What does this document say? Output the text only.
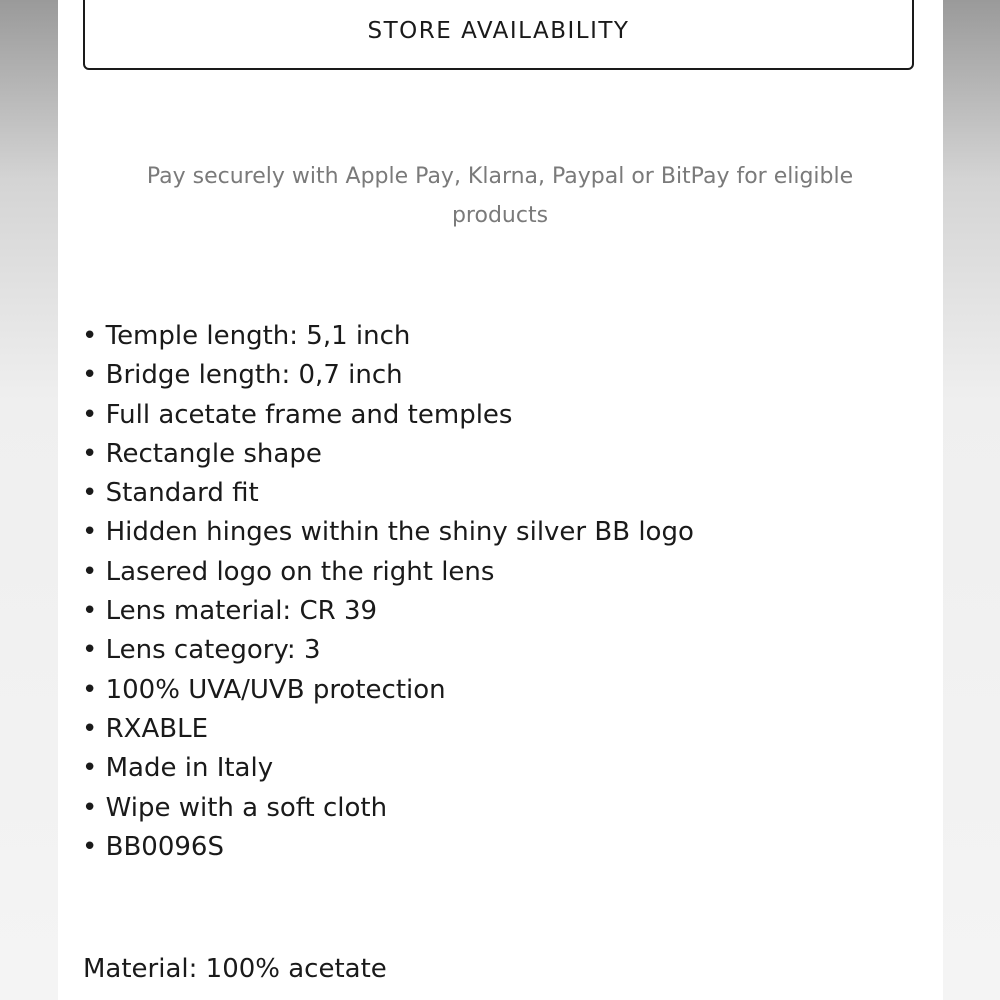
STORE AVAILABILITY

Pay securely with Apple Pay, Klarna, Paypal or BitPay for eligible products

• Temple length: 5,1 inch
• Bridge length: 0,7 inch
• Full acetate frame and temples
• Rectangle shape
• Standard fit
• Hidden hinges within the shiny silver BB logo
• Lasered logo on the right lens
• Lens material: CR 39
• Lens category: 3
• 100% UVA/UVB protection
• RXABLE
• Made in Italy
• Wipe with a soft cloth
• BB0096S

Material: 100% acetate
